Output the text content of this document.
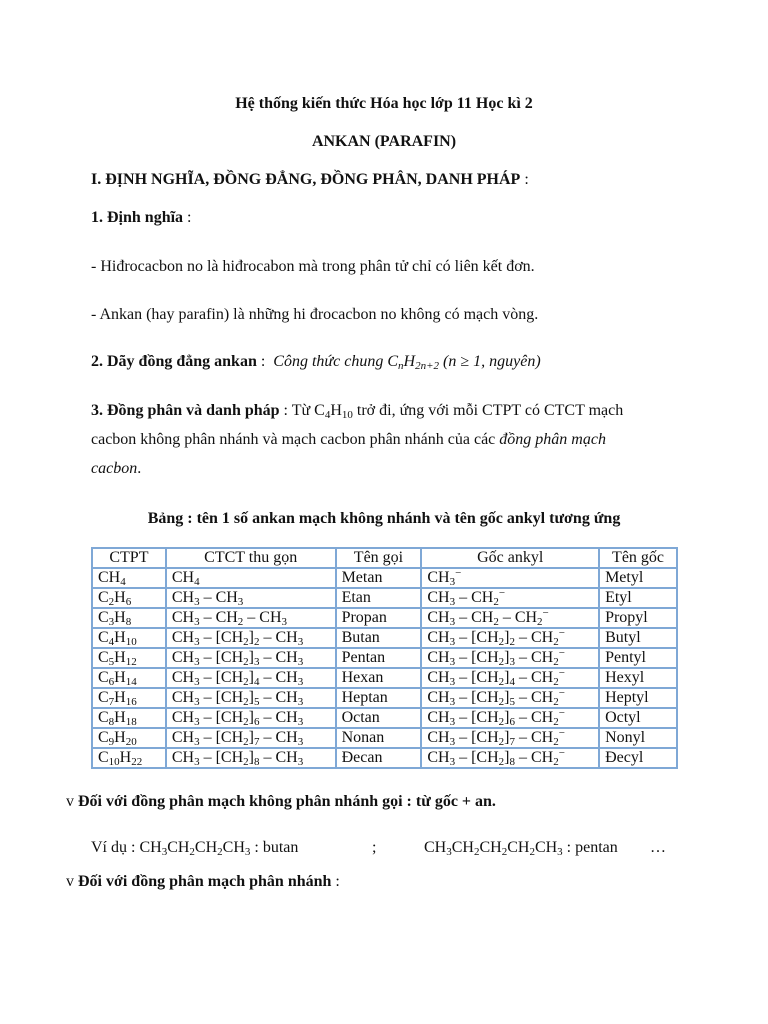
Hệ thống kiến thức Hóa học lớp 11 Học kì 2
ANKAN (PARAFIN)
I. ĐỊNH NGHĨA, ĐỒNG ĐẲNG, ĐỒNG PHÂN, DANH PHÁP :
1. Định nghĩa :
- Hiđrocacbon no là hiđrocabon mà trong phân tử chỉ có liên kết đơn.
- Ankan (hay parafin) là những hi đrocacbon no không có mạch vòng.
2. Dãy đồng đẳng ankan :  Công thức chung $C_nH_{2n+2}$ (n ≥ 1, nguyên)
3. Đồng phân và danh pháp : Từ $C_4H_{10}$ trở đi, ứng với mỗi CTPT có CTCT mạch
cacbon không phân nhánh và mạch cacbon phân nhánh của các đồng phân mạch
cacbon.
Bảng : tên 1 số ankan mạch không nhánh và tên gốc ankyl tương ứng
CTPT	CTCT thu gọn	Tên gọi	Gốc ankyl	Tên gốc
$CH_4$	$CH_4$	Metan	$CH_3^-$	Metyl
$C_2H_6$	$CH_3 - CH_3$	Etan	$CH_3 - CH_2^-$	Etyl
$C_3H_8$	$CH_3 - CH_2 - CH_3$	Propan	$CH_3 - CH_2 - CH_2^-$	Propyl
$C_4H_{10}$	$CH_3 - [CH_2]_2 - CH_3$	Butan	$CH_3 - [CH_2]_2 - CH_2^-$	Butyl
$C_5H_{12}$	$CH_3 - [CH_2]_3 - CH_3$	Pentan	$CH_3 - [CH_2]_3 - CH_2^-$	Pentyl
$C_6H_{14}$	$CH_3 - [CH_2]_4 - CH_3$	Hexan	$CH_3 - [CH_2]_4 - CH_2^-$	Hexyl
$C_7H_{16}$	$CH_3 - [CH_2]_5 - CH_3$	Heptan	$CH_3 - [CH_2]_5 - CH_2^-$	Heptyl
$C_8H_{18}$	$CH_3 - [CH_2]_6 - CH_3$	Octan	$CH_3 - [CH_2]_6 - CH_2^-$	Octyl
$C_9H_{20}$	$CH_3 - [CH_2]_7 - CH_3$	Nonan	$CH_3 - [CH_2]_7 - CH_2^-$	Nonyl
$C_{10}H_{22}$	$CH_3 - [CH_2]_8 - CH_3$	Đecan	$CH_3 - [CH_2]_8 - CH_2^-$	Đecyl
v Đối với đồng phân mạch không phân nhánh gọi : từ gốc + an.
Ví dụ : $CH_3CH_2CH_2CH_3$ : butan	;	$CH_3CH_2CH_2CH_2CH_3$ : pentan …
v Đối với đồng phân mạch phân nhánh :
